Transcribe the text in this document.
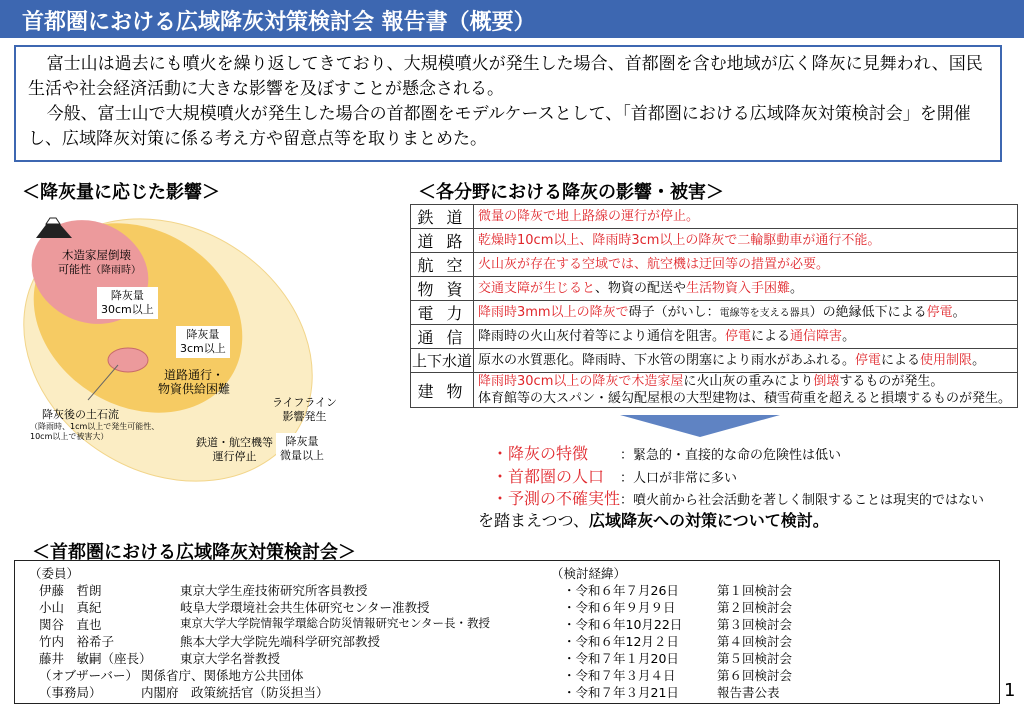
首都圏における広域降灰対策検討会 報告書（概要）

富士山は過去にも噴火を繰り返してきており、大規模噴火が発生した場合、首都圏を含む地域が広く降灰に見舞われ、国民生活や社会経済活動に大きな影響を及ぼすことが懸念される。

今般、富士山で大規模噴火が発生した場合の首都圏をモデルケースとして、「首都圏における広域降灰対策検討会」を開催し、広域降灰対策に係る考え方や留意点等を取りまとめた。

＜降灰量に応じた影響＞
木造家屋倒壊
可能性（降雨時）
降灰量
30cm以上
降灰量
3cm以上
道路通行・
物資供給困難
ライフライン
影響発生
鉄道・航空機等
運行停止
降灰量
微量以上
降灰後の土石流
（降雨時、1cm以上で発生可能性、
10cm以上で被害大）
＜各分野における降灰の影響・被害＞
鉄 道	微量の降灰で地上路線の運行が停止。
道 路	乾燥時10cm以上、降雨時3cm以上の降灰で二輪駆動車が通行不能。
航 空	火山灰が存在する空域では、航空機は迂回等の措置が必要。
物 資	交通支障が生じると、物資の配送や生活物資入手困難。
電 力	降雨時3mm以上の降灰で碍子（がいし：電線等を支える器具）の絶縁低下による停電。
通 信	降雨時の火山灰付着等により通信を阻害。停電による通信障害。
上下水道	原水の水質悪化。降雨時、下水管の閉塞により雨水があふれる。停電による使用制限。
建 物	降雨時30cm以上の降灰で木造家屋に火山灰の重みにより倒壊するものが発生。
体育館等の大スパン・緩勾配屋根の大型建物は、積雪荷重を超えると損壊するものが発生。
・降灰の特徴 ：緊急的・直接的な命の危険性は低い
・首都圏の人口 ：人口が非常に多い
・予測の不確実性 ：噴火前から社会活動を著しく制限することは現実的ではない
を踏まえつつ、広域降灰への対策について検討。
＜首都圏における広域降灰対策検討会＞
（委員）
伊藤　哲朗	東京大学生産技術研究所客員教授
小山　真紀	岐阜大学環境社会共生体研究センター准教授
関谷　直也	東京大学大学院情報学環総合防災情報研究センター長・教授
竹内　裕希子	熊本大学大学院先端科学研究部教授
藤井　敏嗣（座長） 東京大学名誉教授
（オブザーバー） 関係省庁、関係地方公共団体
（事務局）	内閣府　政策統括官（防災担当）
（検討経緯）
・令和６年７月26日	第１回検討会
・令和６年９月９日	第２回検討会
・令和６年10月22日	第３回検討会
・令和６年12月２日	第４回検討会
・令和７年１月20日	第５回検討会
・令和７年３月４日	第６回検討会
・令和７年３月21日	報告書公表	1
